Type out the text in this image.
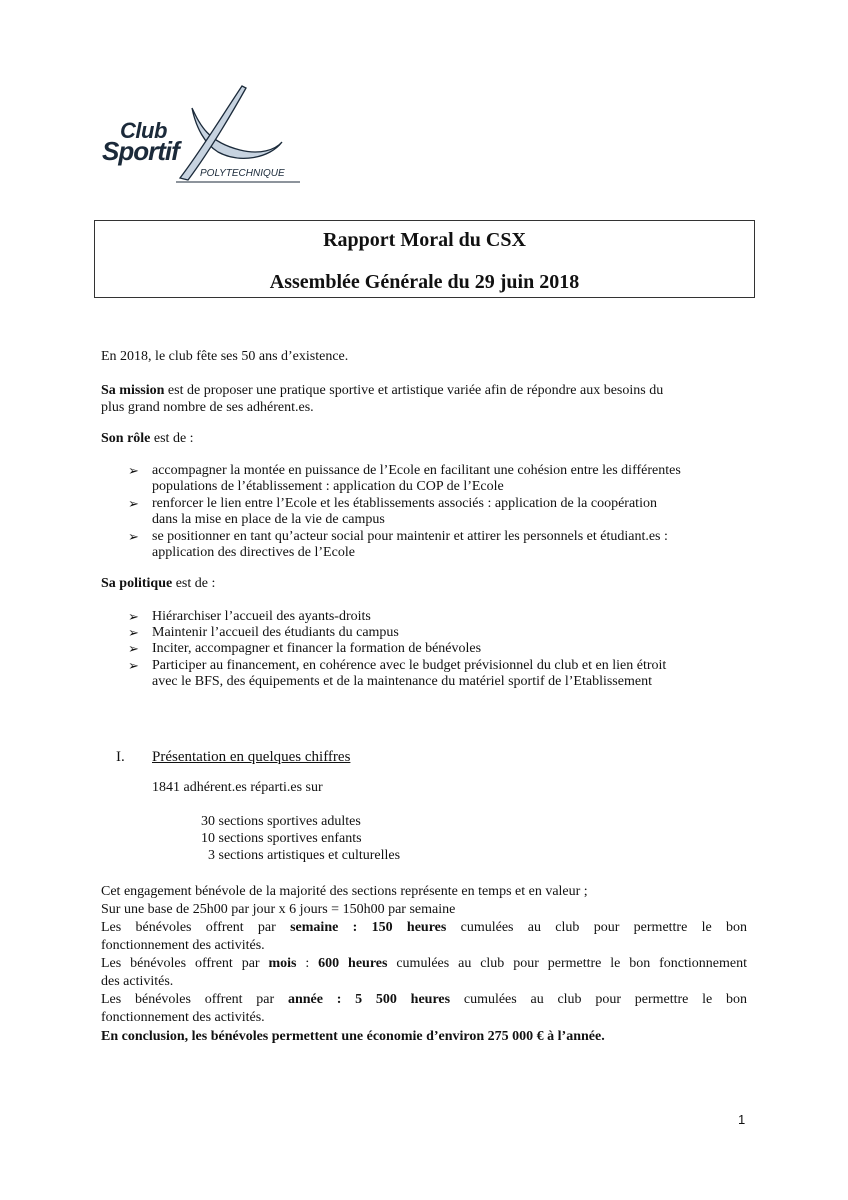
Club
Sportif
POLYTECHNIQUE
Rapport Moral du CSX
Assemblée Générale du 29 juin 2018
En 2018, le club fête ses 50 ans d’existence.
Sa mission est de proposer une pratique sportive et artistique variée afin de répondre aux besoins du
plus grand nombre de ses adhérent.es.
Son rôle est de :
➢ accompagner la montée en puissance de l’Ecole en facilitant une cohésion entre les différentes
populations de l’établissement : application du COP de l’Ecole
➢ renforcer le lien entre l’Ecole et les établissements associés : application de la coopération
dans la mise en place de la vie de campus
➢ se positionner en tant qu’acteur social pour maintenir et attirer les personnels et étudiant.es :
application des directives de l’Ecole
Sa politique est de :
➢ Hiérarchiser l’accueil des ayants-droits
➢ Maintenir l’accueil des étudiants du campus
➢ Inciter, accompagner et financer la formation de bénévoles
➢ Participer au financement, en cohérence avec le budget prévisionnel du club et en lien étroit
avec le BFS, des équipements et de la maintenance du matériel sportif de l’Etablissement
I. Présentation en quelques chiffres
1841 adhérent.es réparti.es sur
30 sections sportives adultes
10 sections sportives enfants
3 sections artistiques et culturelles
Cet engagement bénévole de la majorité des sections représente en temps et en valeur ;
Sur une base de 25h00 par jour x 6 jours = 150h00 par semaine
Les bénévoles offrent par semaine : 150 heures cumulées au club pour permettre le bon
fonctionnement des activités.
Les bénévoles offrent par mois : 600 heures cumulées au club pour permettre le bon fonctionnement
des activités.
Les bénévoles offrent par année : 5 500 heures cumulées au club pour permettre le bon
fonctionnement des activités.
En conclusion, les bénévoles permettent une économie d’environ 275 000 € à l’année.
1
